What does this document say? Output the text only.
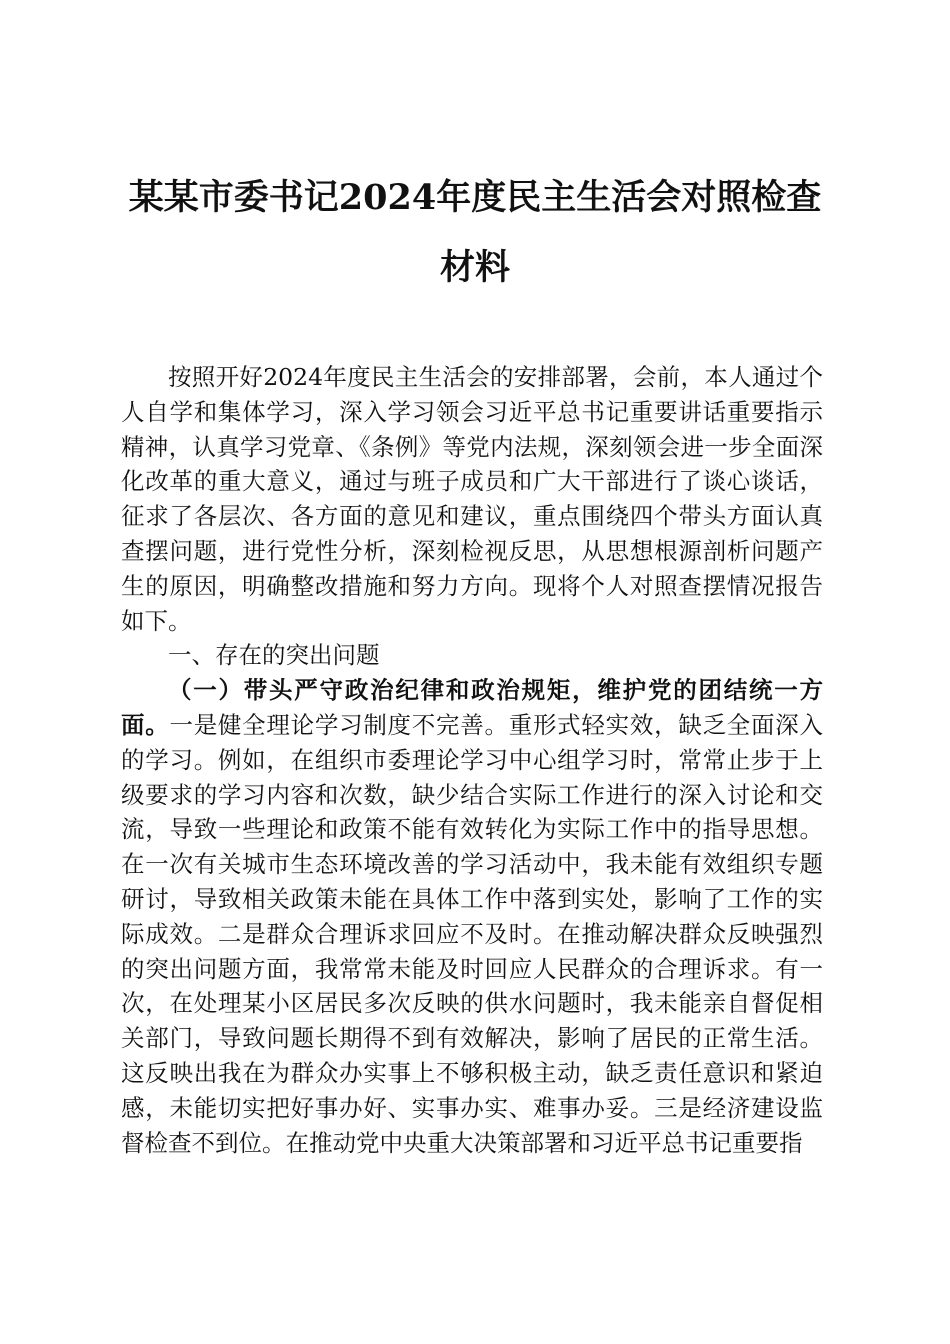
某某市委书记2024年度民主生活会对照检查
材料

按照开好2024年度民主生活会的安排部署，会前，本人通过个人自学和集体学习，深入学习领会习近平总书记重要讲话重要指示精神，认真学习党章、《条例》等党内法规，深刻领会进一步全面深化改革的重大意义，通过与班子成员和广大干部进行了谈心谈话，征求了各层次、各方面的意见和建议，重点围绕四个带头方面认真查摆问题，进行党性分析，深刻检视反思，从思想根源剖析问题产生的原因，明确整改措施和努力方向。现将个人对照查摆情况报告如下。

一、存在的突出问题

（一）带头严守政治纪律和政治规矩，维护党的团结统一方面。一是健全理论学习制度不完善。重形式轻实效，缺乏全面深入的学习。例如，在组织市委理论学习中心组学习时，常常止步于上级要求的学习内容和次数，缺少结合实际工作进行的深入讨论和交流，导致一些理论和政策不能有效转化为实际工作中的指导思想。在一次有关城市生态环境改善的学习活动中，我未能有效组织专题研讨，导致相关政策未能在具体工作中落到实处，影响了工作的实际成效。二是群众合理诉求回应不及时。在推动解决群众反映强烈的突出问题方面，我常常未能及时回应人民群众的合理诉求。有一次，在处理某小区居民多次反映的供水问题时，我未能亲自督促相关部门，导致问题长期得不到有效解决，影响了居民的正常生活。这反映出我在为群众办实事上不够积极主动，缺乏责任意识和紧迫感，未能切实把好事办好、实事办实、难事办妥。三是经济建设监督检查不到位。在推动党中央重大决策部署和习近平总书记重要指
